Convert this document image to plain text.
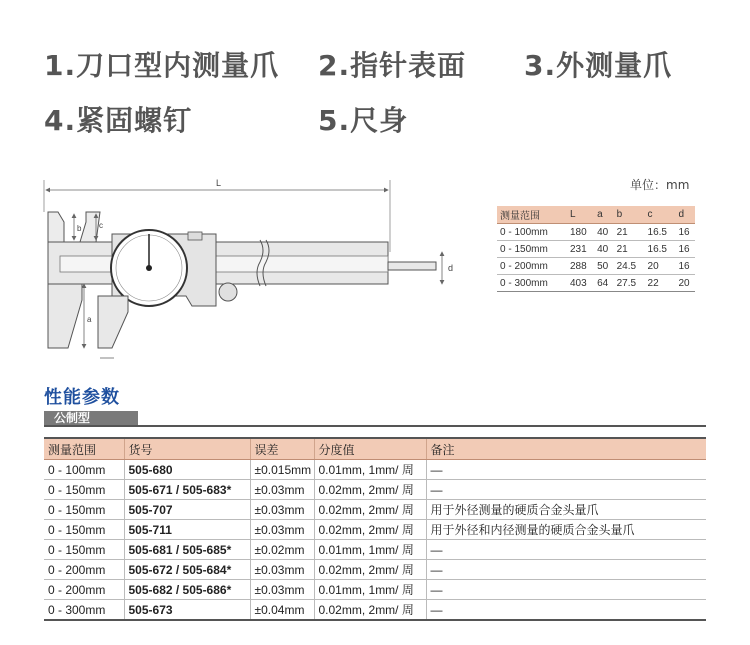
1.刀口型内测量爪 2.指针表面 3.外测量爪
4.紧固螺钉	5.尺身
L
d
b c
a
单位：mm
测量范围	L	a	b	c	d
0 - 100mm	180	40	21	16.5	16
0 - 150mm	231	40	21	16.5	16
0 - 200mm	288	50	24.5	20	16
0 - 300mm	403	64	27.5	22	20
性能参数
公制型
测量范围	货号	误差	分度值	备注
0 - 100mm	505-680	±0.015mm	0.01mm, 1mm/ 周	—
0 - 150mm	505-671 / 505-683*	±0.03mm	0.02mm, 2mm/ 周	—
0 - 150mm	505-707	±0.03mm	0.02mm, 2mm/ 周	用于外径测量的硬质合金头量爪
0 - 150mm	505-711	±0.03mm	0.02mm, 2mm/ 周	用于外径和内径测量的硬质合金头量爪
0 - 150mm	505-681 / 505-685*	±0.02mm	0.01mm, 1mm/ 周	—
0 - 200mm	505-672 / 505-684*	±0.03mm	0.02mm, 2mm/ 周	—
0 - 200mm	505-682 / 505-686*	±0.03mm	0.01mm, 1mm/ 周	—
0 - 300mm	505-673	±0.04mm	0.02mm, 2mm/ 周	—
